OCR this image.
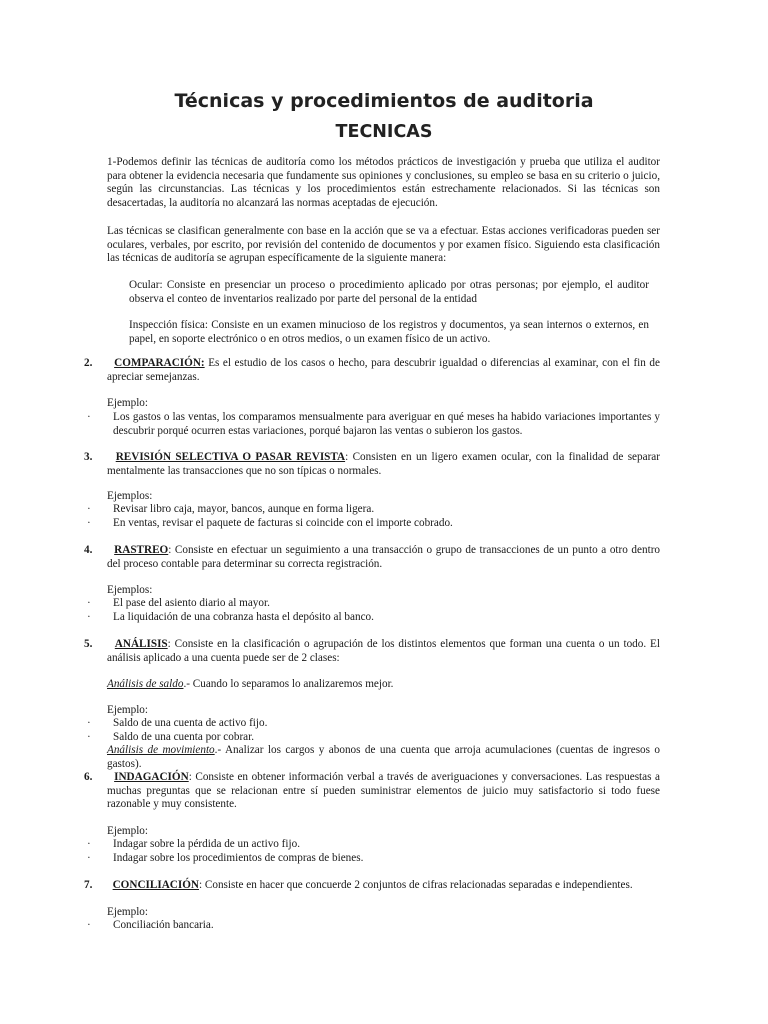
Técnicas y procedimientos de auditoria
TECNICAS

1-Podemos definir las técnicas de auditoría como los métodos prácticos de investigación y prueba que utiliza el auditor para obtener la evidencia necesaria que fundamente sus opiniones y conclusiones, su empleo se basa en su criterio o juicio, según las circunstancias. Las técnicas y los procedimientos están estrechamente relacionados. Si las técnicas son desacertadas, la auditoría no alcanzará las normas aceptadas de ejecución.

Las técnicas se clasifican generalmente con base en la acción que se va a efectuar. Estas acciones verificadoras pueden ser oculares, verbales, por escrito, por revisión del contenido de documentos y por examen físico. Siguiendo esta clasificación las técnicas de auditoría se agrupan específicamente de la siguiente manera:

Ocular: Consiste en presenciar un proceso o procedimiento aplicado por otras personas; por ejemplo, el auditor observa el conteo de inventarios realizado por parte del personal de la entidad

Inspección física: Consiste en un examen minucioso de los registros y documentos, ya sean internos o externos, en papel, en soporte electrónico o en otros medios, o un examen físico de un activo.

2.	COMPARACIÓN: Es el estudio de los casos o hecho, para descubrir igualdad o diferencias al examinar, con el fin de apreciar semejanzas.

Ejemplo:
· Los gastos o las ventas, los comparamos mensualmente para averiguar en qué meses ha habido variaciones importantes y descubrir porqué ocurren estas variaciones, porqué bajaron las ventas o subieron los gastos.
3.	REVISIÓN SELECTIVA O PASAR REVISTA: Consisten en un ligero examen ocular, con la finalidad de separar mentalmente las transacciones que no son típicas o normales.

Ejemplos:
· Revisar libro caja, mayor, bancos, aunque en forma ligera.
· En ventas, revisar el paquete de facturas si coincide con el importe cobrado.
4.	RASTREO: Consiste en efectuar un seguimiento a una transacción o grupo de transacciones de un punto a otro dentro del proceso contable para determinar su correcta registración.

Ejemplos:
· El pase del asiento diario al mayor.
· La liquidación de una cobranza hasta el depósito al banco.
5.	ANÁLISIS: Consiste en la clasificación o agrupación de los distintos elementos que forman una cuenta o un todo. El análisis aplicado a una cuenta puede ser de 2 clases:

Análisis de saldo.- Cuando lo separamos lo analizaremos mejor.
Ejemplo:
· Saldo de una cuenta de activo fijo.
· Saldo de una cuenta por cobrar.
Análisis de movimiento.- Analizar los cargos y abonos de una cuenta que arroja acumulaciones (cuentas de ingresos o gastos).
6.	INDAGACIÓN: Consiste en obtener información verbal a través de averiguaciones y conversaciones. Las respuestas a muchas preguntas que se relacionan entre sí pueden suministrar elementos de juicio muy satisfactorio si todo fuese razonable y muy consistente.

Ejemplo:
· Indagar sobre la pérdida de un activo fijo.
· Indagar sobre los procedimientos de compras de bienes.
7.	CONCILIACIÓN: Consiste en hacer que concuerde 2 conjuntos de cifras relacionadas separadas e independientes.

Ejemplo:
· Conciliación bancaria.
